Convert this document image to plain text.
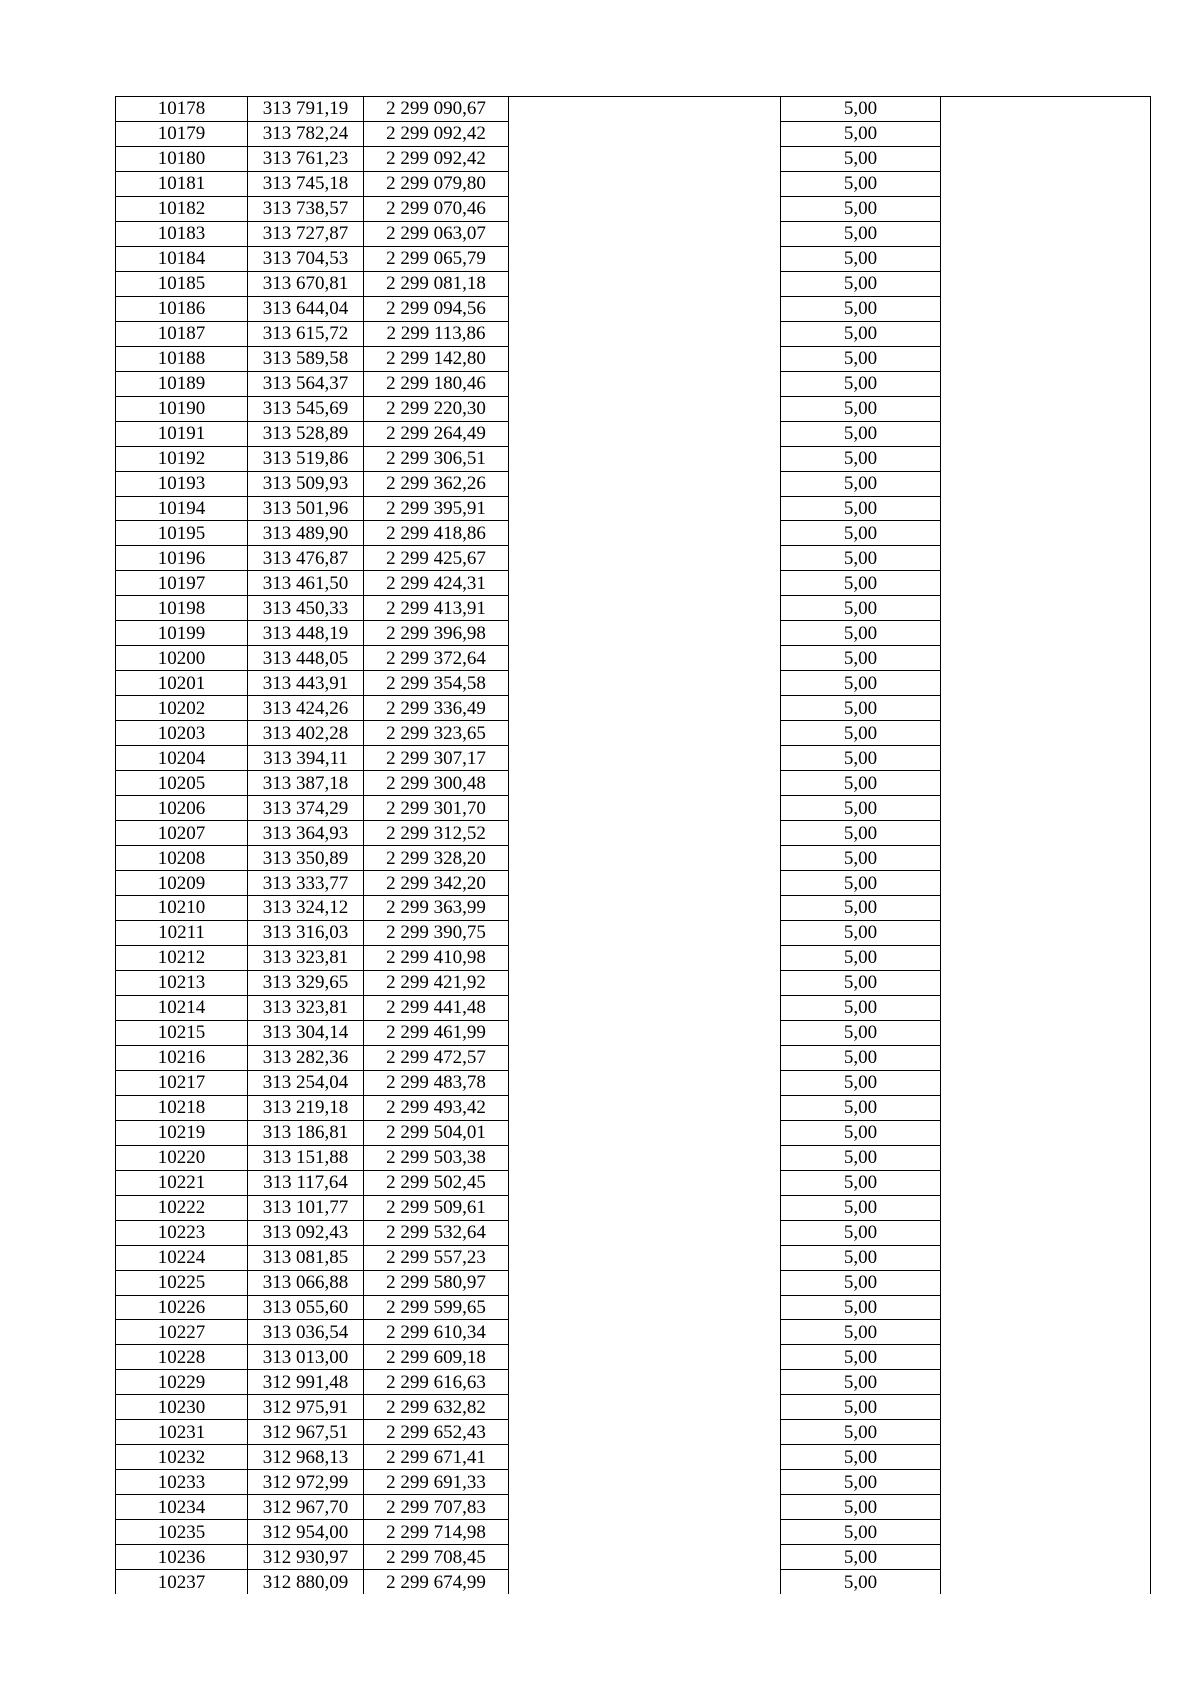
10178	313 791,19	2 299 090,67		5,00	
10179	313 782,24	2 299 092,42		5,00	
10180	313 761,23	2 299 092,42		5,00	
10181	313 745,18	2 299 079,80		5,00	
10182	313 738,57	2 299 070,46		5,00	
10183	313 727,87	2 299 063,07		5,00	
10184	313 704,53	2 299 065,79		5,00	
10185	313 670,81	2 299 081,18		5,00	
10186	313 644,04	2 299 094,56		5,00	
10187	313 615,72	2 299 113,86		5,00	
10188	313 589,58	2 299 142,80		5,00	
10189	313 564,37	2 299 180,46		5,00	
10190	313 545,69	2 299 220,30		5,00	
10191	313 528,89	2 299 264,49		5,00	
10192	313 519,86	2 299 306,51		5,00	
10193	313 509,93	2 299 362,26		5,00	
10194	313 501,96	2 299 395,91		5,00	
10195	313 489,90	2 299 418,86		5,00	
10196	313 476,87	2 299 425,67		5,00	
10197	313 461,50	2 299 424,31		5,00	
10198	313 450,33	2 299 413,91		5,00	
10199	313 448,19	2 299 396,98		5,00	
10200	313 448,05	2 299 372,64		5,00	
10201	313 443,91	2 299 354,58		5,00	
10202	313 424,26	2 299 336,49		5,00	
10203	313 402,28	2 299 323,65		5,00	
10204	313 394,11	2 299 307,17		5,00	
10205	313 387,18	2 299 300,48		5,00	
10206	313 374,29	2 299 301,70		5,00	
10207	313 364,93	2 299 312,52		5,00	
10208	313 350,89	2 299 328,20		5,00	
10209	313 333,77	2 299 342,20		5,00	
10210	313 324,12	2 299 363,99		5,00	
10211	313 316,03	2 299 390,75		5,00	
10212	313 323,81	2 299 410,98		5,00	
10213	313 329,65	2 299 421,92		5,00	
10214	313 323,81	2 299 441,48		5,00	
10215	313 304,14	2 299 461,99		5,00	
10216	313 282,36	2 299 472,57		5,00	
10217	313 254,04	2 299 483,78		5,00	
10218	313 219,18	2 299 493,42		5,00	
10219	313 186,81	2 299 504,01		5,00	
10220	313 151,88	2 299 503,38		5,00	
10221	313 117,64	2 299 502,45		5,00	
10222	313 101,77	2 299 509,61		5,00	
10223	313 092,43	2 299 532,64		5,00	
10224	313 081,85	2 299 557,23		5,00	
10225	313 066,88	2 299 580,97		5,00	
10226	313 055,60	2 299 599,65		5,00	
10227	313 036,54	2 299 610,34		5,00	
10228	313 013,00	2 299 609,18		5,00	
10229	312 991,48	2 299 616,63		5,00	
10230	312 975,91	2 299 632,82		5,00	
10231	312 967,51	2 299 652,43		5,00	
10232	312 968,13	2 299 671,41		5,00	
10233	312 972,99	2 299 691,33		5,00	
10234	312 967,70	2 299 707,83		5,00	
10235	312 954,00	2 299 714,98		5,00	
10236	312 930,97	2 299 708,45		5,00	
10237	312 880,09	2 299 674,99		5,00	
